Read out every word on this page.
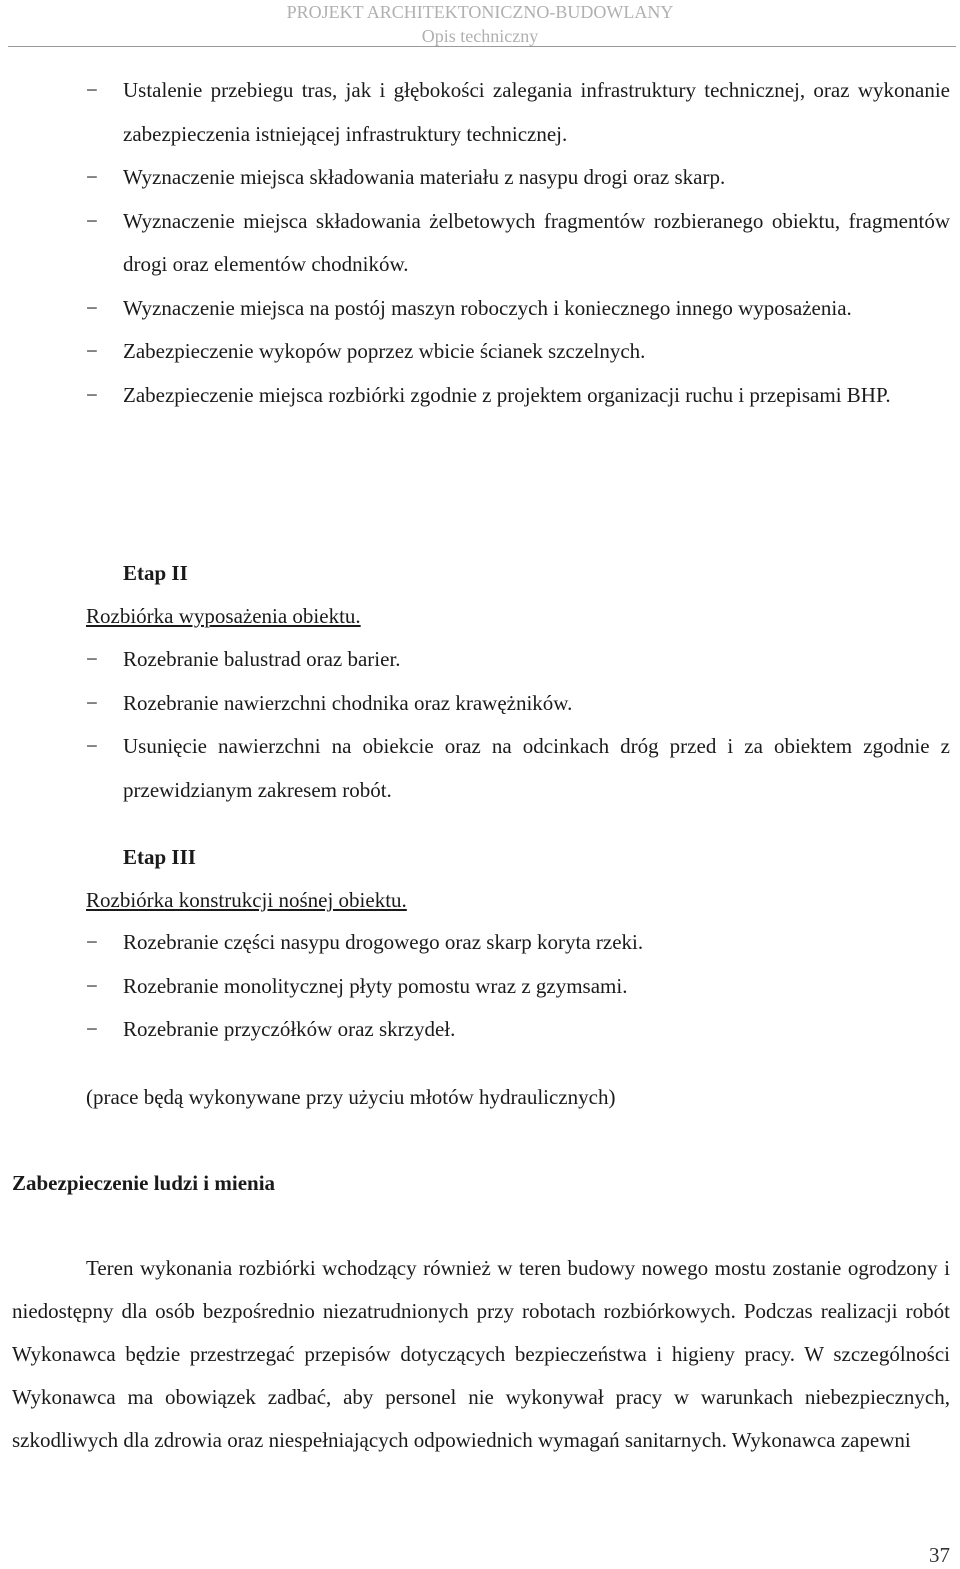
PROJEKT ARCHITEKTONICZNO-BUDOWLANY
Opis techniczny
− Ustalenie przebiegu tras, jak i głębokości zalegania infrastruktury technicznej, oraz wykonanie zabezpieczenia istniejącej infrastruktury technicznej.
− Wyznaczenie miejsca składowania materiału z nasypu drogi oraz skarp.
− Wyznaczenie miejsca składowania żelbetowych fragmentów rozbieranego obiektu, fragmentów drogi oraz elementów chodników.
− Wyznaczenie miejsca na postój maszyn roboczych i koniecznego innego wyposażenia.
− Zabezpieczenie wykopów poprzez wbicie ścianek szczelnych.
− Zabezpieczenie miejsca rozbiórki zgodnie z projektem organizacji ruchu i przepisami BHP.
Etap II
Rozbiórka wyposażenia obiektu.
− Rozebranie balustrad oraz barier.
− Rozebranie nawierzchni chodnika oraz krawężników.
− Usunięcie nawierzchni na obiekcie oraz na odcinkach dróg przed i za obiektem zgodnie z przewidzianym zakresem robót.
Etap III
Rozbiórka konstrukcji nośnej obiektu.
− Rozebranie części nasypu drogowego oraz skarp koryta rzeki.
− Rozebranie monolitycznej płyty pomostu wraz z gzymsami.
− Rozebranie przyczółków oraz skrzydeł.
(prace będą wykonywane przy użyciu młotów hydraulicznych)
Zabezpieczenie ludzi i mienia
Teren wykonania rozbiórki wchodzący również w teren budowy nowego mostu zostanie ogrodzony i niedostępny dla osób bezpośrednio niezatrudnionych przy robotach rozbiórkowych. Podczas realizacji robót Wykonawca będzie przestrzegać przepisów dotyczących bezpieczeństwa i higieny pracy. W szczególności Wykonawca ma obowiązek zadbać, aby personel nie wykonywał pracy w warunkach niebezpiecznych, szkodliwych dla zdrowia oraz niespełniających odpowiednich wymagań sanitarnych. Wykonawca zapewni
37
